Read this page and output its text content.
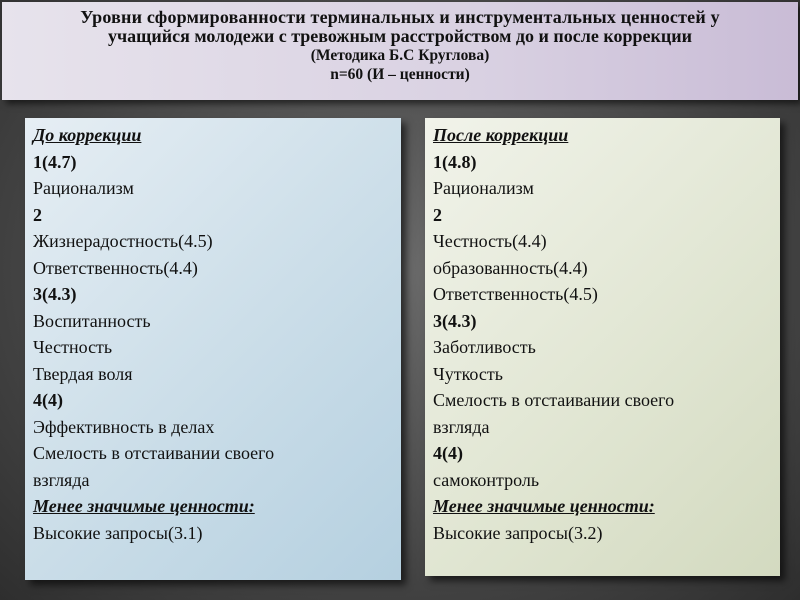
Уровни сформированности терминальных и инструментальных ценностей у
учащийся молодежи с тревожным расстройством до и после коррекции
(Методика Б.С Круглова)
n=60 (И – ценности)
До коррекции
1(4.7)
Рационализм
2
Жизнерадостность(4.5)
Ответственность(4.4)
3(4.3)
Воспитанность
Честность
Твердая воля
4(4)
Эффективность в делах
Смелость в отстаивании своего
взгляда
Менее значимые ценности:
Высокие запросы(3.1)
После коррекции
1(4.8)
Рационализм
2
Честность(4.4)
образованность(4.4)
Ответственность(4.5)
3(4.3)
Заботливость
Чуткость
Смелость в отстаивании своего
взгляда
4(4)
самоконтроль
Менее значимые ценности:
Высокие запросы(3.2)
